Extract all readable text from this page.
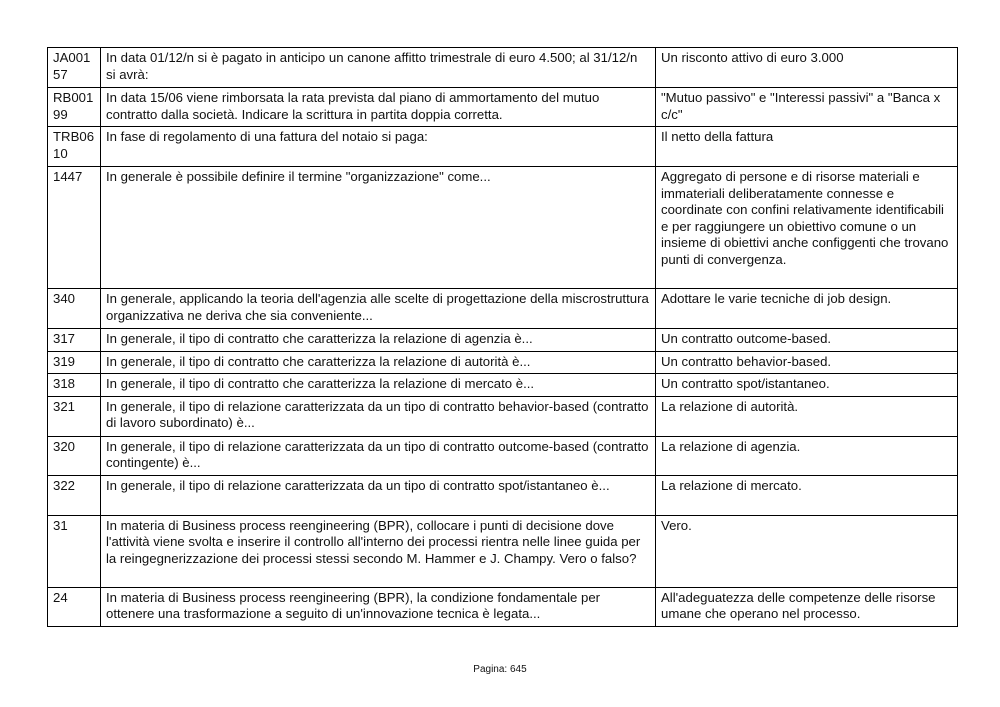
JA00157	In data 01/12/n si è pagato in anticipo un canone affitto trimestrale di euro 4.500; al 31/12/n si avrà:	Un risconto attivo di euro 3.000
RB00199	In data 15/06 viene rimborsata la rata prevista dal piano di ammortamento del mutuo contratto dalla società. Indicare la scrittura in partita doppia corretta.	"Mutuo passivo" e "Interessi passivi" a "Banca x c/c"
TRB0610	In fase di regolamento di una fattura del notaio si paga:	Il netto della fattura
1447	In generale è possibile definire il termine "organizzazione" come...	Aggregato di persone e di risorse materiali e immateriali deliberatamente connesse e coordinate con confini relativamente identificabili e per raggiungere un obiettivo comune o un insieme di obiettivi anche configgenti che trovano punti di convergenza.
340	In generale, applicando la teoria dell'agenzia alle scelte di progettazione della miscrostruttura organizzativa ne deriva che sia conveniente...	Adottare le varie tecniche di job design.
317	In generale, il tipo di contratto che caratterizza la relazione di agenzia è...	Un contratto outcome-based.
319	In generale, il tipo di contratto che caratterizza la relazione di autorità è...	Un contratto behavior-based.
318	In generale, il tipo di contratto che caratterizza la relazione di mercato è...	Un contratto spot/istantaneo.
321	In generale, il tipo di relazione caratterizzata da un tipo di contratto behavior-based (contratto di lavoro subordinato) è...	La relazione di autorità.
320	In generale, il tipo di relazione caratterizzata da un tipo di contratto outcome-based (contratto contingente) è...	La relazione di agenzia.
322	In generale, il tipo di relazione caratterizzata da un tipo di contratto spot/istantaneo è...	La relazione di mercato.
31	In materia di Business process reengineering (BPR), collocare i punti di decisione dove l'attività viene svolta e inserire il controllo all'interno dei processi rientra nelle linee guida per la reingegnerizzazione dei processi stessi secondo M. Hammer e J. Champy. Vero o falso?	Vero.
24	In materia di Business process reengineering (BPR), la condizione fondamentale per ottenere una trasformazione a seguito di un'innovazione tecnica è legata...	All'adeguatezza delle competenze delle risorse umane che operano nel processo.
Pagina: 645
